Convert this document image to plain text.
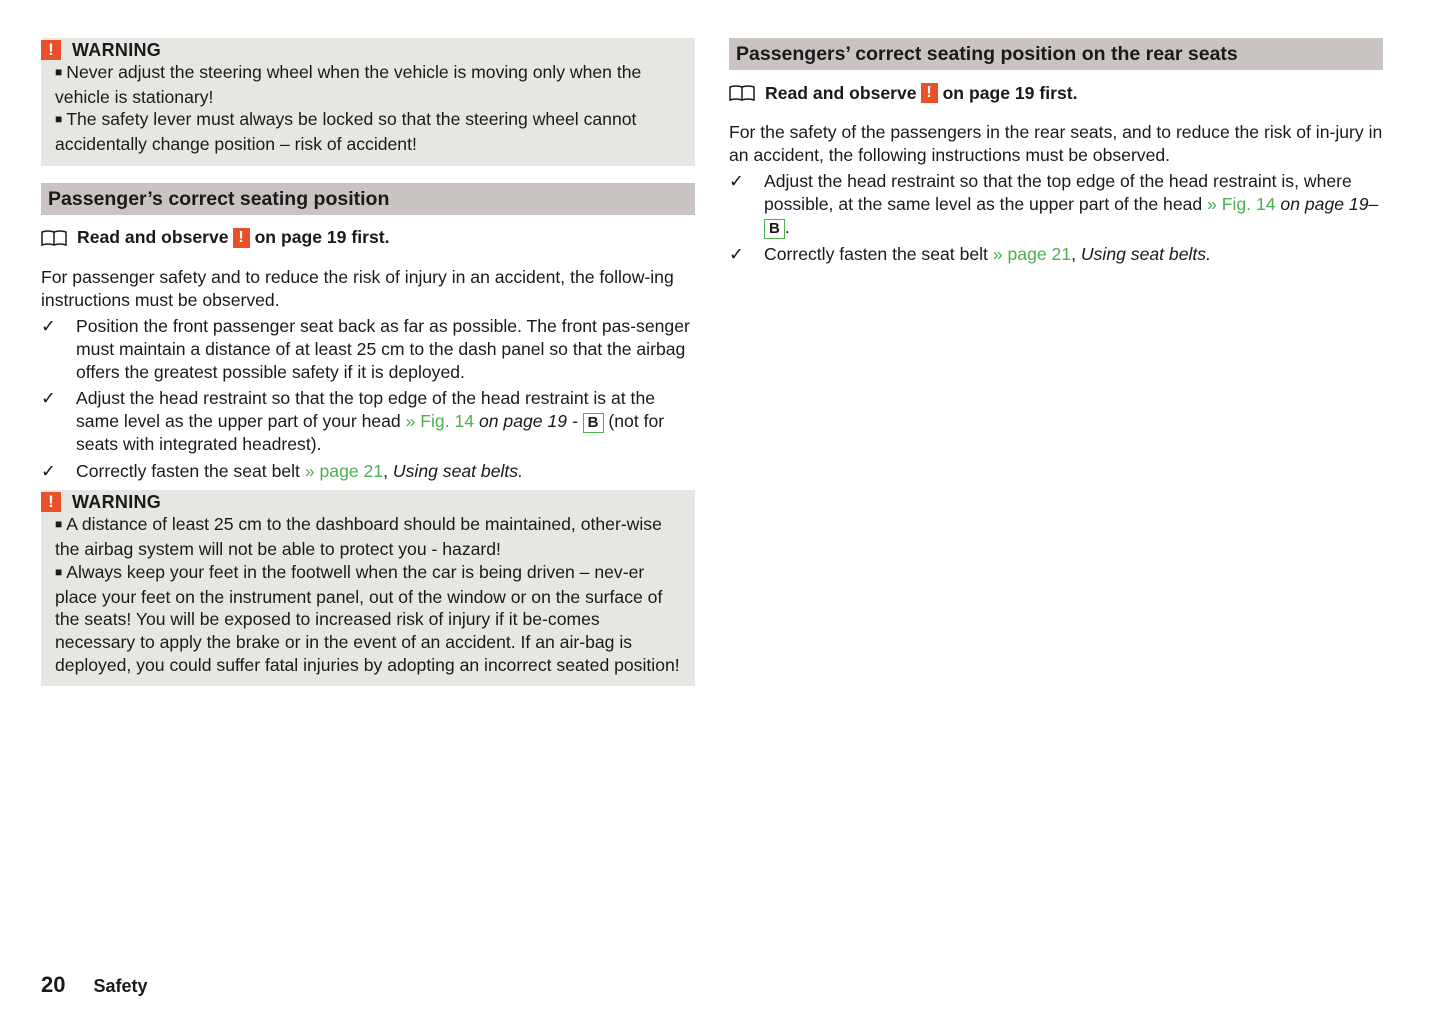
!	WARNING

■ Never adjust the steering wheel when the vehicle is moving only when the vehicle is stationary!

■ The safety lever must always be locked so that the steering wheel cannot accidentally change position – risk of accident!

Passenger’s correct seating position
Read and observe ! on page 19 first.

For passenger safety and to reduce the risk of injury in an accident, the follow-ing instructions must be observed.

✓ Position the front passenger seat back as far as possible. The front pas-senger must maintain a distance of at least 25 cm to the dash panel so that the airbag offers the greatest possible safety if it is deployed.
✓ Adjust the head restraint so that the top edge of the head restraint is at the same level as the upper part of your head » Fig. 14 on page 19 - B (not for seats with integrated headrest).
✓ Correctly fasten the seat belt » page 21, Using seat belts.
!	WARNING

■ A distance of least 25 cm to the dashboard should be maintained, other-wise the airbag system will not be able to protect you - hazard!

■ Always keep your feet in the footwell when the car is being driven – nev-er place your feet on the instrument panel, out of the window or on the surface of the seats! You will be exposed to increased risk of injury if it be-comes necessary to apply the brake or in the event of an accident. If an air-bag is deployed, you could suffer fatal injuries by adopting an incorrect seated position!

Passengers’ correct seating position on the rear seats
Read and observe ! on page 19 first.

For the safety of the passengers in the rear seats, and to reduce the risk of in-jury in an accident, the following instructions must be observed.

✓ Adjust the head restraint so that the top edge of the head restraint is, where possible, at the same level as the upper part of the head » Fig. 14 on page 19–B .
✓ Correctly fasten the seat belt » page 21, Using seat belts.
20 Safety
